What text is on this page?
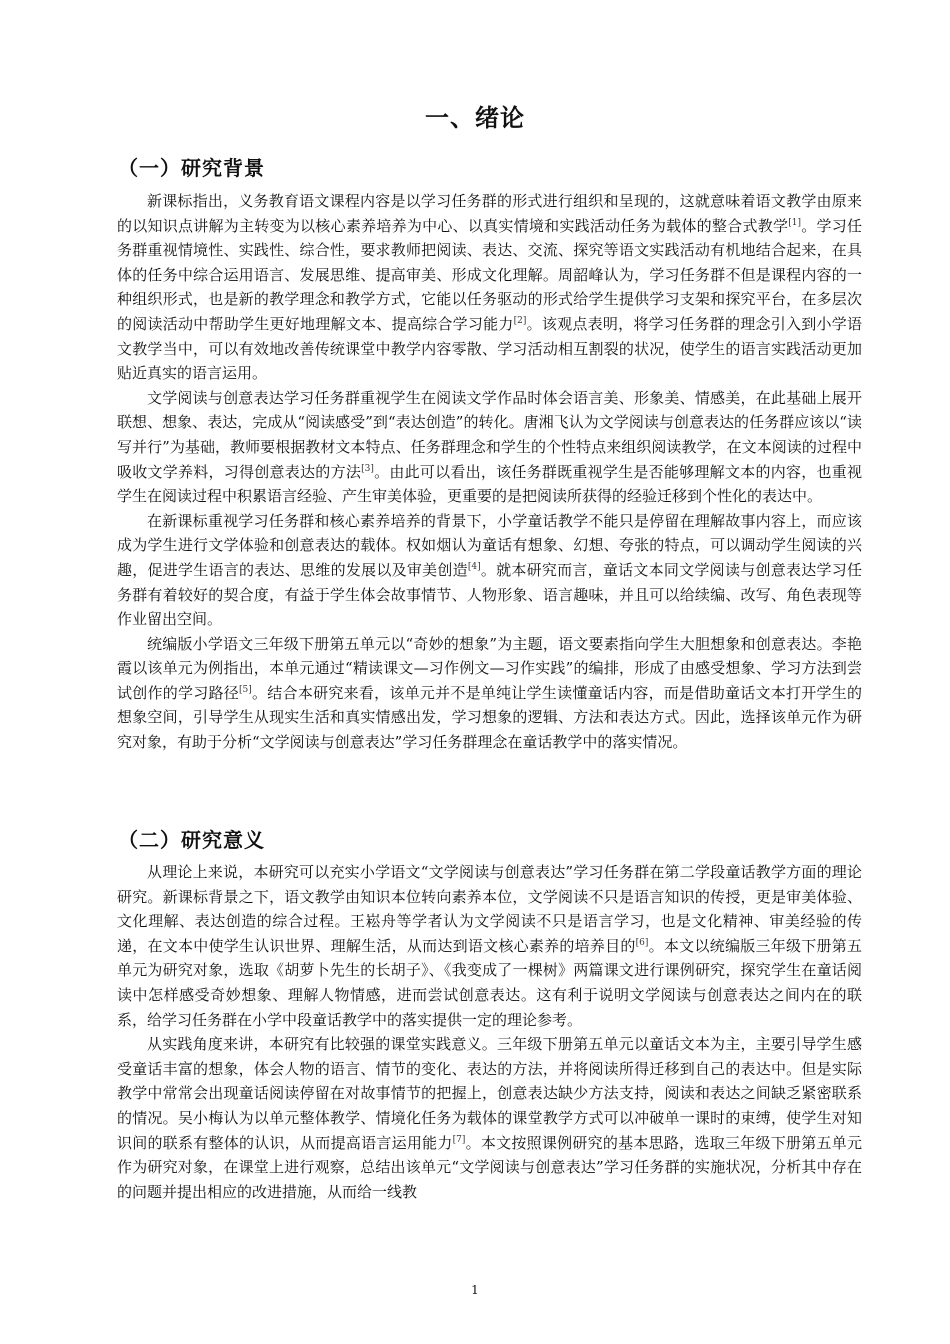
一、绪论
（一）研究背景

新课标指出，义务教育语文课程内容是以学习任务群的形式进行组织和呈现的，这就意味着语文教学由原来的以知识点讲解为主转变为以核心素养培养为中心、以真实情境和实践活动任务为载体的整合式教学[1]。学习任务群重视情境性、实践性、综合性，要求教师把阅读、表达、交流、探究等语文实践活动有机地结合起来，在具体的任务中综合运用语言、发展思维、提高审美、形成文化理解。周韶峰认为，学习任务群不但是课程内容的一种组织形式，也是新的教学理念和教学方式，它能以任务驱动的形式给学生提供学习支架和探究平台，在多层次的阅读活动中帮助学生更好地理解文本、提高综合学习能力[2]。该观点表明，将学习任务群的理念引入到小学语文教学当中，可以有效地改善传统课堂中教学内容零散、学习活动相互割裂的状况，使学生的语言实践活动更加贴近真实的语言运用。

文学阅读与创意表达学习任务群重视学生在阅读文学作品时体会语言美、形象美、情感美，在此基础上展开联想、想象、表达，完成从“阅读感受”到“表达创造”的转化。唐湘飞认为文学阅读与创意表达的任务群应该以“读写并行”为基础，教师要根据教材文本特点、任务群理念和学生的个性特点来组织阅读教学，在文本阅读的过程中吸收文学养料，习得创意表达的方法[3]。由此可以看出，该任务群既重视学生是否能够理解文本的内容，也重视学生在阅读过程中积累语言经验、产生审美体验，更重要的是把阅读所获得的经验迁移到个性化的表达中。

在新课标重视学习任务群和核心素养培养的背景下，小学童话教学不能只是停留在理解故事内容上，而应该成为学生进行文学体验和创意表达的载体。权如烟认为童话有想象、幻想、夸张的特点，可以调动学生阅读的兴趣，促进学生语言的表达、思维的发展以及审美创造[4]。就本研究而言，童话文本同文学阅读与创意表达学习任务群有着较好的契合度，有益于学生体会故事情节、人物形象、语言趣味，并且可以给续编、改写、角色表现等作业留出空间。

统编版小学语文三年级下册第五单元以“奇妙的想象”为主题，语文要素指向学生大胆想象和创意表达。李艳霞以该单元为例指出，本单元通过“精读课文—习作例文—习作实践”的编排，形成了由感受想象、学习方法到尝试创作的学习路径[5]。结合本研究来看，该单元并不是单纯让学生读懂童话内容，而是借助童话文本打开学生的想象空间，引导学生从现实生活和真实情感出发，学习想象的逻辑、方法和表达方式。因此，选择该单元作为研究对象，有助于分析“文学阅读与创意表达”学习任务群理念在童话教学中的落实情况。

（二）研究意义

从理论上来说，本研究可以充实小学语文“文学阅读与创意表达”学习任务群在第二学段童话教学方面的理论研究。新课标背景之下，语文教学由知识本位转向素养本位，文学阅读不只是语言知识的传授，更是审美体验、文化理解、表达创造的综合过程。王崧舟等学者认为文学阅读不只是语言学习，也是文化精神、审美经验的传递，在文本中使学生认识世界、理解生活，从而达到语文核心素养的培养目的[6]。本文以统编版三年级下册第五单元为研究对象，选取《胡萝卜先生的长胡子》、《我变成了一棵树》两篇课文进行课例研究，探究学生在童话阅读中怎样感受奇妙想象、理解人物情感，进而尝试创意表达。这有利于说明文学阅读与创意表达之间内在的联系，给学习任务群在小学中段童话教学中的落实提供一定的理论参考。

从实践角度来讲，本研究有比较强的课堂实践意义。三年级下册第五单元以童话文本为主，主要引导学生感受童话丰富的想象，体会人物的语言、情节的变化、表达的方法，并将阅读所得迁移到自己的表达中。但是实际教学中常常会出现童话阅读停留在对故事情节的把握上，创意表达缺少方法支持，阅读和表达之间缺乏紧密联系的情况。吴小梅认为以单元整体教学、情境化任务为载体的课堂教学方式可以冲破单一课时的束缚，使学生对知识间的联系有整体的认识，从而提高语言运用能力[7]。本文按照课例研究的基本思路，选取三年级下册第五单元作为研究对象，在课堂上进行观察，总结出该单元“文学阅读与创意表达”学习任务群的实施状况，分析其中存在的问题并提出相应的改进措施，从而给一线教

1
